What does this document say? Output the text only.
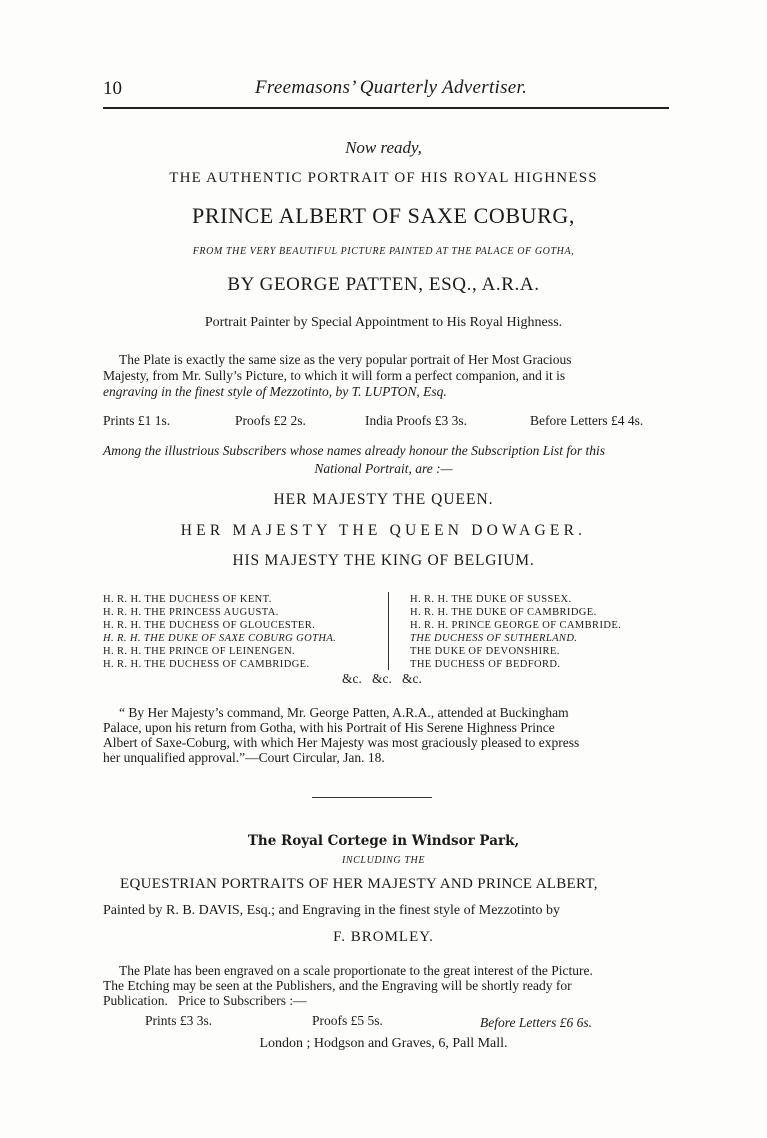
10	Freemasons’ Quarterly Advertiser.
Now ready,
THE AUTHENTIC PORTRAIT OF HIS ROYAL HIGHNESS
PRINCE ALBERT OF SAXE COBURG,
FROM THE VERY BEAUTIFUL PICTURE PAINTED AT THE PALACE OF GOTHA,
BY GEORGE PATTEN, ESQ., A.R.A.
Portrait Painter by Special Appointment to His Royal Highness.
The Plate is exactly the same size as the very popular portrait of Her Most Gracious
Majesty, from Mr. Sully’s Picture, to which it will form a perfect companion, and it is
engraving in the finest style of Mezzotinto, by T. LUPTON, Esq.
Prints £1 1s.	Proofs £2 2s.	India Proofs £3 3s.	Before Letters £4 4s.
Among the illustrious Subscribers whose names already honour the Subscription List for this
National Portrait, are :—
HER MAJESTY THE QUEEN.
HER MAJESTY THE QUEEN DOWAGER.
HIS MAJESTY THE KING OF BELGIUM.
H. R. H. THE DUCHESS OF KENT.
H. R. H. THE PRINCESS AUGUSTA.
H. R. H. THE DUCHESS OF GLOUCESTER.
H. R. H. THE DUKE OF SAXE COBURG GOTHA.
H. R. H. THE PRINCE OF LEINENGEN.
H. R. H. THE DUCHESS OF CAMBRIDGE.
H. R. H. THE DUKE OF SUSSEX.
H. R. H. THE DUKE OF CAMBRIDGE.
H. R. H. PRINCE GEORGE OF CAMBRIDE.
THE DUCHESS OF SUTHERLAND.
THE DUKE OF DEVONSHIRE.
THE DUCHESS OF BEDFORD.
&c.   &c.   &c.
“ By Her Majesty’s command, Mr. George Patten, A.R.A., attended at Buckingham
Palace, upon his return from Gotha, with his Portrait of His Serene Highness Prince
Albert of Saxe-Coburg, with which Her Majesty was most graciously pleased to express
her unqualified approval.”—Court Circular, Jan. 18.
The Royal Cortege in Windsor Park,
INCLUDING THE
EQUESTRIAN PORTRAITS OF HER MAJESTY AND PRINCE ALBERT,
Painted by R. B. DAVIS, Esq.; and Engraving in the finest style of Mezzotinto by
F. BROMLEY.
The Plate has been engraved on a scale proportionate to the great interest of the Picture.
The Etching may be seen at the Publishers, and the Engraving will be shortly ready for
Publication.   Price to Subscribers :—
Prints £3 3s.	Proofs £5 5s.	Before Letters £6 6s.
London ; Hodgson and Graves, 6, Pall Mall.
